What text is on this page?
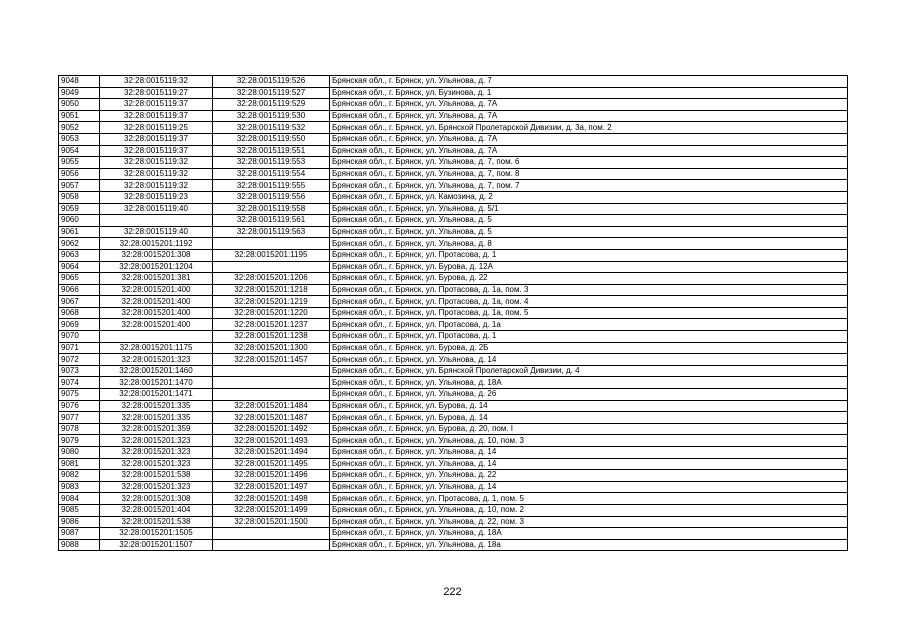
9048	32:28:0015119:32	32:28:0015119:526	Брянская обл., г. Брянск, ул. Ульянова, д. 7
9049	32:28:0015119:27	32:28:0015119:527	Брянская обл., г. Брянск, ул. Бузинова, д. 1
9050	32:28:0015119:37	32:28:0015119:529	Брянская обл., г. Брянск, ул. Ульянова, д. 7А
9051	32:28:0015119:37	32:28:0015119:530	Брянская обл., г. Брянск, ул. Ульянова, д. 7А
9052	32:28:0015119:25	32:28:0015119:532	Брянская обл., г. Брянск, ул. Брянской Пролетарской Дивизии, д. 3а, пом. 2
9053	32:28:0015119:37	32:28:0015119:550	Брянская обл., г. Брянск, ул. Ульянова, д. 7А
9054	32:28:0015119:37	32:28:0015119:551	Брянская обл., г. Брянск, ул. Ульянова, д. 7А
9055	32:28:0015119:32	32:28:0015119:553	Брянская обл., г. Брянск, ул. Ульянова, д. 7, пом. 6
9056	32:28:0015119:32	32:28:0015119:554	Брянская обл., г. Брянск, ул. Ульянова, д. 7, пом. 8
9057	32:28:0015119:32	32:28:0015119:555	Брянская обл., г. Брянск, ул. Ульянова, д. 7, пом. 7
9058	32:28:0015119:23	32:28:0015119:556	Брянская обл., г. Брянск, ул. Камозина, д. 2
9059	32:28:0015119:40	32:28:0015119:558	Брянская обл., г. Брянск, ул. Ульянова, д. 5/1
9060		32:28:0015119:561	Брянская обл., г. Брянск, ул. Ульянова, д. 5
9061	32:28:0015119:40	32:28:0015119:563	Брянская обл., г. Брянск, ул. Ульянова, д. 5
9062	32:28:0015201:1192		Брянская обл., г. Брянск, ул. Ульянова, д. 8
9063	32:28:0015201:308	32:28:0015201:1195	Брянская обл., г. Брянск, ул. Протасова, д. 1
9064	32:28:0015201:1204		Брянская обл., г. Брянск, ул. Бурова, д. 12А
9065	32:28:0015201:381	32:28:0015201:1206	Брянская обл., г. Брянск, ул. Бурова, д. 22
9066	32:28:0015201:400	32:28:0015201:1218	Брянская обл., г. Брянск, ул. Протасова, д. 1а, пом. 3
9067	32:28:0015201:400	32:28:0015201:1219	Брянская обл., г. Брянск, ул. Протасова, д. 1а, пом. 4
9068	32:28:0015201:400	32:28:0015201:1220	Брянская обл., г. Брянск, ул. Протасова, д. 1а, пом. 5
9069	32:28:0015201:400	32:28:0015201:1237	Брянская обл., г. Брянск, ул. Протасова, д. 1а
9070		32:28:0015201:1238	Брянская обл., г. Брянск, ул. Протасова, д. 1
9071	32:28:0015201:1175	32:28:0015201:1300	Брянская обл., г. Брянск, ул. Бурова, д. 2Б
9072	32:28:0015201:323	32:28:0015201:1457	Брянская обл., г. Брянск, ул. Ульянова, д. 14
9073	32:28:0015201:1460		Брянская обл., г. Брянск, ул. Брянской Пролетарской Дивизии, д. 4
9074	32:28:0015201:1470		Брянская обл., г. Брянск, ул. Ульянова, д. 18А
9075	32:28:0015201:1471		Брянская обл., г. Брянск, ул. Ульянова, д. 26
9076	32:28:0015201:335	32:28:0015201:1484	Брянская обл., г. Брянск, ул. Бурова, д. 14
9077	32:28:0015201:335	32:28:0015201:1487	Брянская обл., г. Брянск, ул. Бурова, д. 14
9078	32:28:0015201:359	32:28:0015201:1492	Брянская обл., г. Брянск, ул. Бурова, д. 20, пом. I
9079	32:28:0015201:323	32:28:0015201:1493	Брянская обл., г. Брянск, ул. Ульянова, д. 10, пом. 3
9080	32:28:0015201:323	32:28:0015201:1494	Брянская обл., г. Брянск, ул. Ульянова, д. 14
9081	32:28:0015201:323	32:28:0015201:1495	Брянская обл., г. Брянск, ул. Ульянова, д. 14
9082	32:28:0015201:538	32:28:0015201:1496	Брянская обл., г. Брянск, ул. Ульянова, д. 22
9083	32:28:0015201:323	32:28:0015201:1497	Брянская обл., г. Брянск, ул. Ульянова, д. 14
9084	32:28:0015201:308	32:28:0015201:1498	Брянская обл., г. Брянск, ул. Протасова, д. 1, пом. 5
9085	32:28:0015201:404	32:28:0015201:1499	Брянская обл., г. Брянск, ул. Ульянова, д. 10, пом. 2
9086	32:28:0015201:538	32:28:0015201:1500	Брянская обл., г. Брянск, ул. Ульянова, д. 22, пом. 3
9087	32:28:0015201:1505		Брянская обл., г. Брянск, ул. Ульянова, д. 18А
9088	32:28:0015201:1507		Брянская обл., г. Брянск, ул. Ульянова, д. 18а
222
